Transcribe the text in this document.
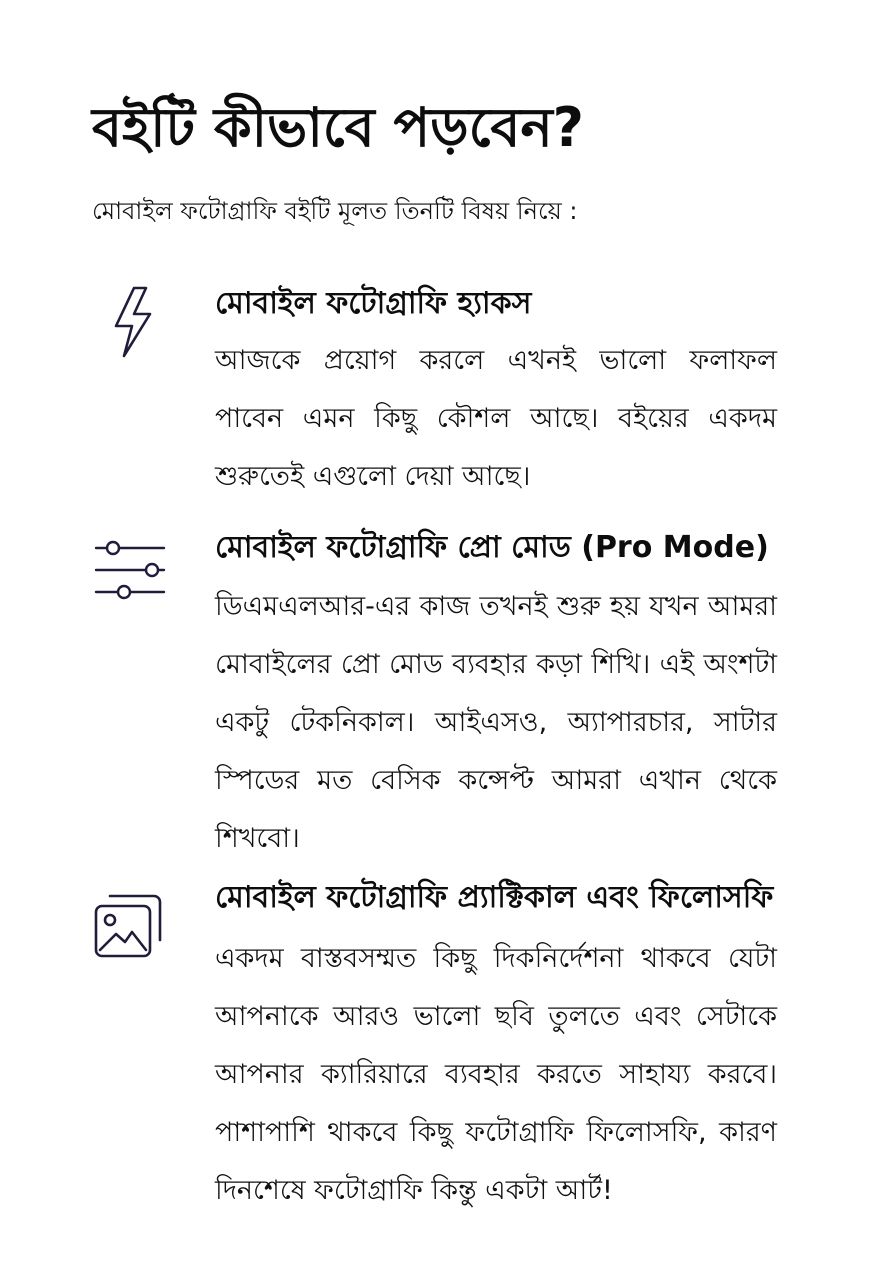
বইটি কীভাবে পড়বেন?

মোবাইল ফটোগ্রাফি বইটি মূলত তিনটি বিষয় নিয়ে :

মোবাইল ফটোগ্রাফি হ্যাকস

আজকে প্রয়োগ করলে এখনই ভালো ফলাফল পাবেন এমন কিছু কৌশল আছে। বইয়ের একদম শুরুতেই এগুলো দেয়া আছে।

মোবাইল ফটোগ্রাফি প্রো মোড (Pro Mode)

ডিএমএলআর-এর কাজ তখনই শুরু হয় যখন আমরা মোবাইলের প্রো মোড ব্যবহার কড়া শিখি। এই অংশটা একটু টেকনিকাল। আইএসও, অ্যাপারচার, সাটার স্পিডের মত বেসিক কন্সেপ্ট আমরা এখান থেকে শিখবো।

মোবাইল ফটোগ্রাফি প্র্যাক্টিকাল এবং ফিলোসফি

একদম বাস্তবসম্মত কিছু দিকনির্দেশনা থাকবে যেটা আপনাকে আরও ভালো ছবি তুলতে এবং সেটাকে আপনার ক্যারিয়ারে ব্যবহার করতে সাহায্য করবে। পাশাপাশি থাকবে কিছু ফটোগ্রাফি ফিলোসফি, কারণ দিনশেষে ফটোগ্রাফি কিন্তু একটা আর্ট!
